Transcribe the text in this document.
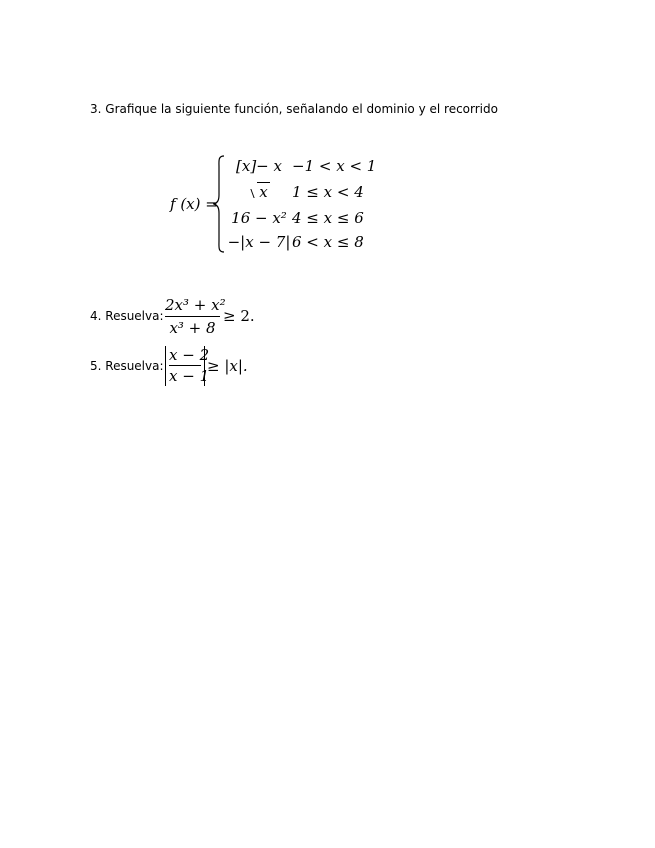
3. Grafique la siguiente función, señalando el dominio y el recorrido
f (x) =
[x]− x −1 < x < 1
x	1 ≤ x < 4
16 − x² 4 ≤ x ≤ 6
−|x − 7| 6 < x ≤ 8
4. Resuelva: $\frac{\text{2x³ + x²}}{\text{x³ + 8}} \ge 2$.
5. Resuelva:
x − 2
x − 1
≥ |x|.
